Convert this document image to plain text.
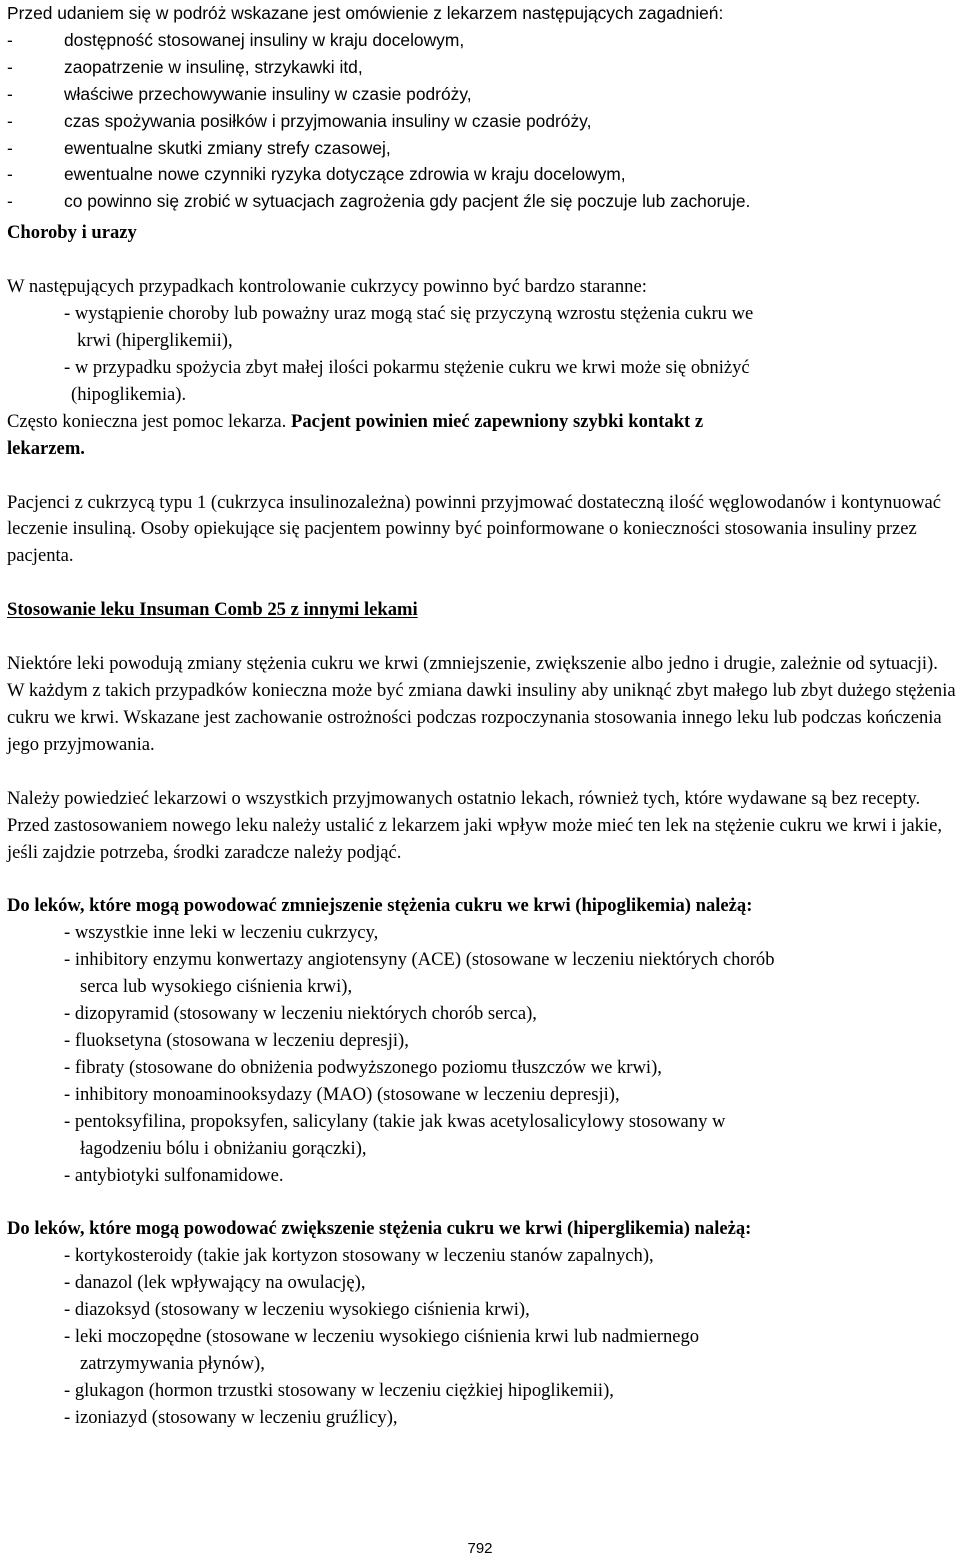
Przed udaniem się w podróż wskazane jest omówienie z lekarzem następujących zagadnień:
-	dostępność stosowanej insuliny w kraju docelowym,
-	zaopatrzenie w insulinę, strzykawki itd,
-	właściwe przechowywanie insuliny w czasie podróży,
-	czas spożywania posiłków i przyjmowania insuliny w czasie podróży,
-	ewentualne skutki zmiany strefy czasowej,
-	ewentualne nowe czynniki ryzyka dotyczące zdrowia w kraju docelowym,
-	co powinno się zrobić w sytuacjach zagrożenia gdy pacjent źle się poczuje lub zachoruje.
Choroby i urazy
W następujących przypadkach kontrolowanie cukrzycy powinno być bardzo staranne:
- wystąpienie choroby lub poważny uraz mogą stać się przyczyną wzrostu stężenia cukru we
krwi (hiperglikemii),
- w przypadku spożycia zbyt małej ilości pokarmu stężenie cukru we krwi może się obniżyć
(hipoglikemia).
Często konieczna jest pomoc lekarza. Pacjent powinien mieć zapewniony szybki kontakt z
lekarzem.
Pacjenci z cukrzycą typu 1 (cukrzyca insulinozależna) powinni przyjmować dostateczną ilość węglowodanów i kontynuować leczenie insuliną. Osoby opiekujące się pacjentem powinny być poinformowane o konieczności stosowania insuliny przez pacjenta.
Stosowanie leku Insuman Comb 25 z innymi lekami
Niektóre leki powodują zmiany stężenia cukru we krwi (zmniejszenie, zwiększenie albo jedno i drugie, zależnie od sytuacji). W każdym z takich przypadków konieczna może być zmiana dawki insuliny aby uniknąć zbyt małego lub zbyt dużego stężenia cukru we krwi. Wskazane jest zachowanie ostrożności podczas rozpoczynania stosowania innego leku lub podczas kończenia jego przyjmowania.
Należy powiedzieć lekarzowi o wszystkich przyjmowanych ostatnio lekach, również tych, które wydawane są bez recepty. Przed zastosowaniem nowego leku należy ustalić z lekarzem jaki wpływ może mieć ten lek na stężenie cukru we krwi i jakie, jeśli zajdzie potrzeba, środki zaradcze należy podjąć.
Do leków, które mogą powodować zmniejszenie stężenia cukru we krwi (hipoglikemia) należą:
- wszystkie inne leki w leczeniu cukrzycy,
- inhibitory enzymu konwertazy angiotensyny (ACE) (stosowane w leczeniu niektórych chorób
serca lub wysokiego ciśnienia krwi),
- dizopyramid (stosowany w leczeniu niektórych chorób serca),
- fluoksetyna (stosowana w leczeniu depresji),
- fibraty (stosowane do obniżenia podwyższonego poziomu tłuszczów we krwi),
- inhibitory monoaminooksydazy (MAO) (stosowane w leczeniu depresji),
- pentoksyfilina, propoksyfen, salicylany (takie jak kwas acetylosalicylowy stosowany w
łagodzeniu bólu i obniżaniu gorączki),
- antybiotyki sulfonamidowe.
Do leków, które mogą powodować zwiększenie stężenia cukru we krwi (hiperglikemia) należą:
- kortykosteroidy (takie jak kortyzon stosowany w leczeniu stanów zapalnych),
- danazol (lek wpływający na owulację),
- diazoksyd (stosowany w leczeniu wysokiego ciśnienia krwi),
- leki moczopędne (stosowane w leczeniu wysokiego ciśnienia krwi lub nadmiernego
zatrzymywania płynów),
- glukagon (hormon trzustki stosowany w leczeniu ciężkiej hipoglikemii),
- izoniazyd (stosowany w leczeniu gruźlicy),
792
